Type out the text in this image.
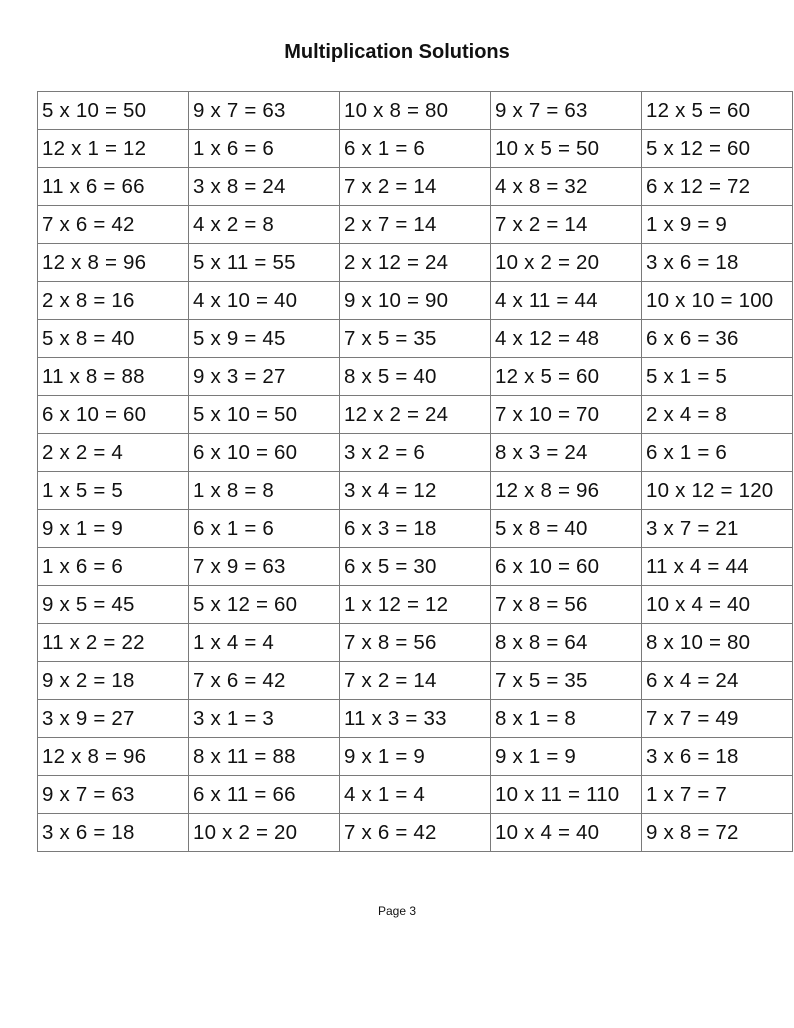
Multiplication Solutions
5 x 10 = 50	9 x 7 = 63	10 x 8 = 80	9 x 7 = 63	12 x 5 = 60
12 x 1 = 12	1 x 6 = 6	6 x 1 = 6	10 x 5 = 50	5 x 12 = 60
11 x 6 = 66	3 x 8 = 24	7 x 2 = 14	4 x 8 = 32	6 x 12 = 72
7 x 6 = 42	4 x 2 = 8	2 x 7 = 14	7 x 2 = 14	1 x 9 = 9
12 x 8 = 96	5 x 11 = 55	2 x 12 = 24	10 x 2 = 20	3 x 6 = 18
2 x 8 = 16	4 x 10 = 40	9 x 10 = 90	4 x 11 = 44	10 x 10 = 100
5 x 8 = 40	5 x 9 = 45	7 x 5 = 35	4 x 12 = 48	6 x 6 = 36
11 x 8 = 88	9 x 3 = 27	8 x 5 = 40	12 x 5 = 60	5 x 1 = 5
6 x 10 = 60	5 x 10 = 50	12 x 2 = 24	7 x 10 = 70	2 x 4 = 8
2 x 2 = 4	6 x 10 = 60	3 x 2 = 6	8 x 3 = 24	6 x 1 = 6
1 x 5 = 5	1 x 8 = 8	3 x 4 = 12	12 x 8 = 96	10 x 12 = 120
9 x 1 = 9	6 x 1 = 6	6 x 3 = 18	5 x 8 = 40	3 x 7 = 21
1 x 6 = 6	7 x 9 = 63	6 x 5 = 30	6 x 10 = 60	11 x 4 = 44
9 x 5 = 45	5 x 12 = 60	1 x 12 = 12	7 x 8 = 56	10 x 4 = 40
11 x 2 = 22	1 x 4 = 4	7 x 8 = 56	8 x 8 = 64	8 x 10 = 80
9 x 2 = 18	7 x 6 = 42	7 x 2 = 14	7 x 5 = 35	6 x 4 = 24
3 x 9 = 27	3 x 1 = 3	11 x 3 = 33	8 x 1 = 8	7 x 7 = 49
12 x 8 = 96	8 x 11 = 88	9 x 1 = 9	9 x 1 = 9	3 x 6 = 18
9 x 7 = 63	6 x 11 = 66	4 x 1 = 4	10 x 11 = 110	1 x 7 = 7
3 x 6 = 18	10 x 2 = 20	7 x 6 = 42	10 x 4 = 40	9 x 8 = 72
Page 3
